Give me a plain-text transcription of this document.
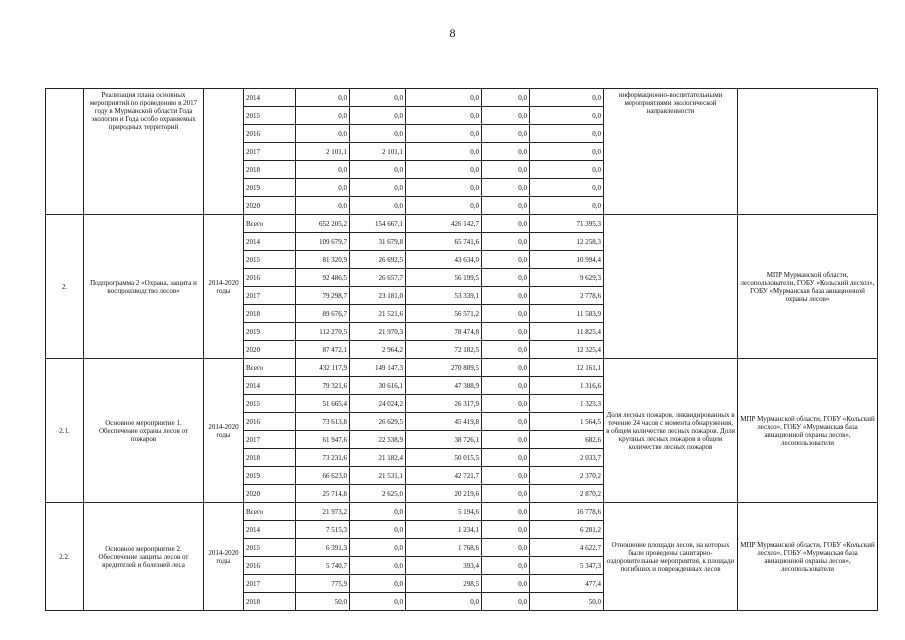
8
	Реализация плана основных мероприятий по проведению в 2017 году в Мурманской области Года экологии и Года особо охраняемых природных территорий		2014	0,0	0,0	0,0	0,0	0,0	информационно-воспитательными мероприятиями экологической направленности	
			2015	0,0	0,0	0,0	0,0	0,0		
			2016	0,0	0,0	0,0	0,0	0,0		
			2017	2 101,1	2 101,1	0,0	0,0	0,0		
			2018	0,0	0,0	0,0	0,0	0,0		
			2019	0,0	0,0	0,0	0,0	0,0		
			2020	0,0	0,0	0,0	0,0	0,0		
2.	Подпрограмма 2 «Охрана, защита и воспроизводство лесов»	2014-2020 годы	Всего	652 205,2	154 667,1	426 142,7	0,0	71 395,3		МПР Мурманской области, лесопользователи, ГОБУ «Кольский лесхоз», ГОБУ «Мурманская база авиационной охраны лесов»
			2014	109 679,7	31 679,8	65 741,6	0,0	12 258,3		
			2015	81 320,9	26 692,5	43 634,0	0,0	10 994,4		
			2016	92 486,5	26 657,7	56 199,5	0,0	9 629,3		
			2017	79 298,7	23 181,0	53 339,1	0,0	2 778,6		
			2018	89 676,7	21 521,6	56 571,2	0,0	11 583,9		
			2019	112 270,5	21 970,3	78 474,8	0,0	11 825,4		
			2020	87 472,1	2 964,2	72 182,5	0,0	12 325,4		
2.1.	Основное мероприятие 1. Обеспечение охраны лесов от пожаров	2014-2020 годы	Всего	432 117,9	149 147,3	270 809,5	0,0	12 161,1	Доля лесных пожаров, ликвидированных в течение 24 часов с момента обнаружения, в общем количестве лесных пожаров. Доля крупных лесных пожаров в общем количестве лесных пожаров	МПР Мурманской области, ГОБУ «Кольский лесхоз», ГОБУ «Мурманская база авиационной охраны лесов», лесопользователи
			2014	79 321,6	30 616,1	47 388,9	0,0	1 316,6		
			2015	51 665,4	24 024,2	26 317,9	0,0	1 323,3		
			2016	73 613,8	26 629,5	45 419,8	0,0	1 564,5		
			2017	61 947,6	22 538,9	38 726,1	0,0	682,6		
			2018	73 231,6	21 182,4	50 015,5	0,0	2 033,7		
			2019	66 623,0	21 531,1	42 721,7	0,0	2 370,2		
			2020	25 714,8	2 625,0	20 219,6	0,0	2 870,2		
2.2.	Основное мероприятие 2. Обеспечение защиты лесов от вредителей и болезней леса	2014-2020 годы	Всего	21 973,2	0,0	5 194,6	0,0	16 778,6	Отношение площади лесов, на которых были проведены санитарно-оздоровительные мероприятия, к площади погибших и поврежденных лесов	МПР Мурманской области, ГОБУ «Кольский лесхоз», ГОБУ «Мурманская база авиационной охраны лесов», лесопользователи
			2014	7 515,3	0,0	1 234,1	0,0	6 281,2		
			2015	6 391,3	0,0	1 768,6	0,0	4 622,7		
			2016	5 740,7	0,0	393,4	0,0	5 347,3		
			2017	775,9	0,0	298,5	0,0	477,4		
			2018	50,0	0,0	0,0	0,0	50,0		
